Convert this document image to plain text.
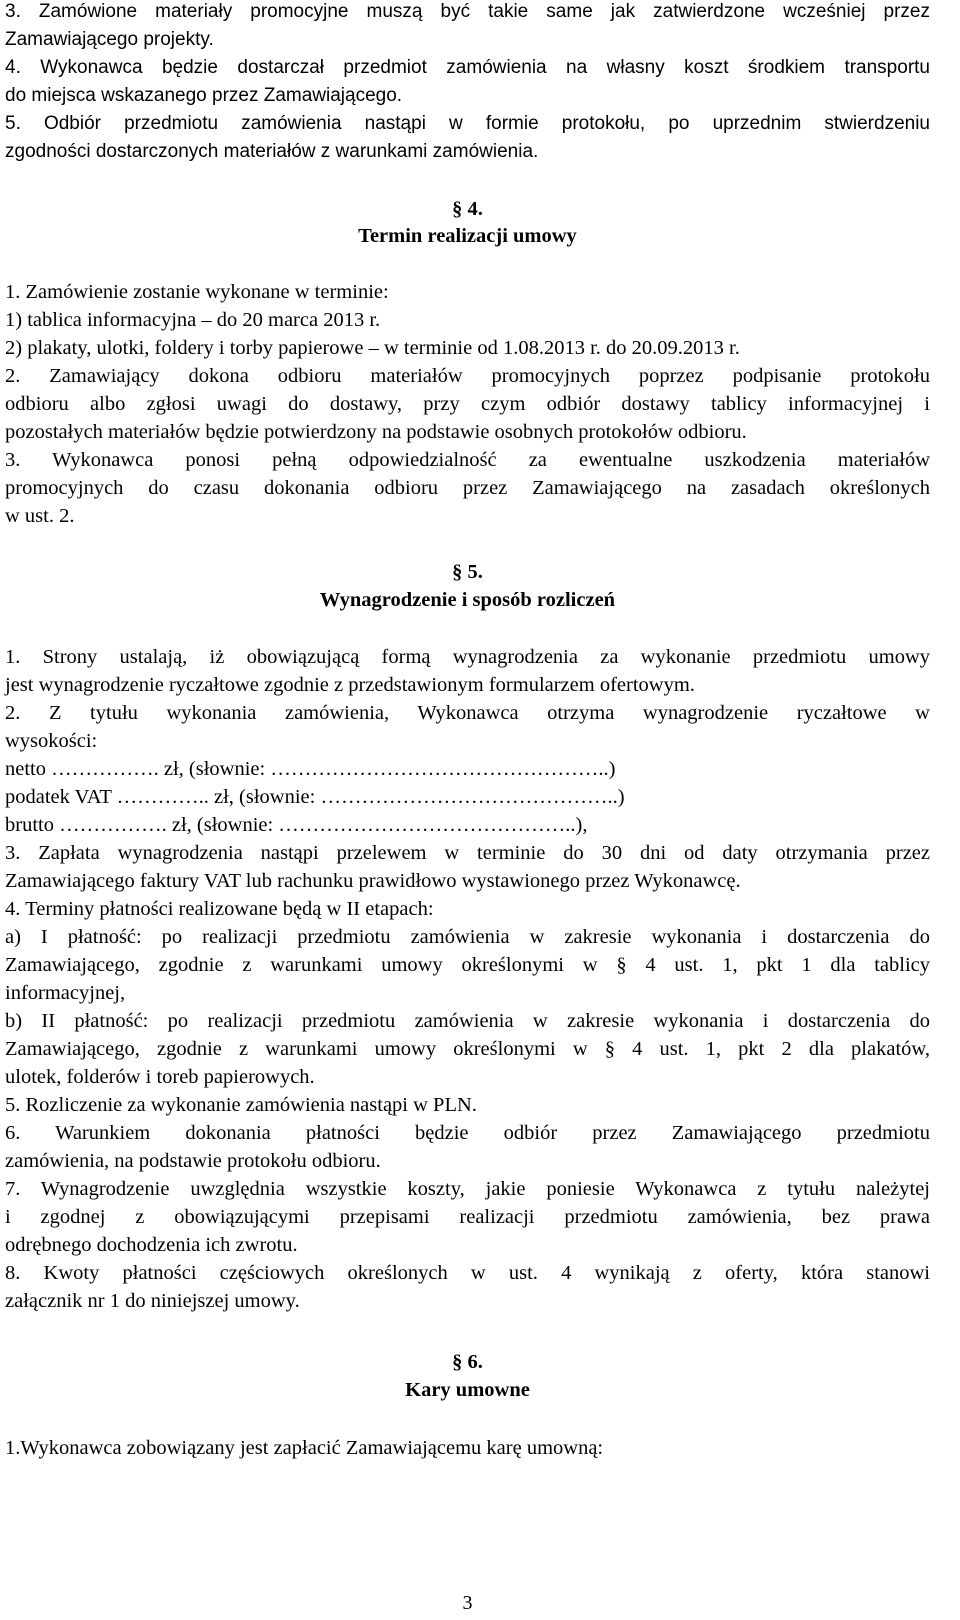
3. Zamówione materiały promocyjne muszą być takie same jak zatwierdzone wcześniej przez
Zamawiającego projekty.
4. Wykonawca będzie dostarczał przedmiot zamówienia na własny koszt środkiem transportu
do miejsca wskazanego przez Zamawiającego.
5. Odbiór przedmiotu zamówienia nastąpi w formie protokołu, po uprzednim stwierdzeniu
zgodności dostarczonych materiałów z warunkami zamówienia.
§ 4.
Termin realizacji umowy
1. Zamówienie zostanie wykonane w terminie:
1) tablica informacyjna – do 20 marca 2013 r.
2) plakaty, ulotki, foldery i torby papierowe – w terminie od 1.08.2013 r. do 20.09.2013 r.
2. Zamawiający dokona odbioru materiałów promocyjnych poprzez podpisanie protokołu
odbioru albo zgłosi uwagi do dostawy, przy czym odbiór dostawy tablicy informacyjnej i
pozostałych materiałów będzie potwierdzony na podstawie osobnych protokołów odbioru.
3. Wykonawca ponosi pełną odpowiedzialność za ewentualne uszkodzenia materiałów
promocyjnych do czasu dokonania odbioru przez Zamawiającego na zasadach określonych
w ust. 2.
§ 5.
Wynagrodzenie i sposób rozliczeń
1. Strony ustalają, iż obowiązującą formą wynagrodzenia za wykonanie przedmiotu umowy
jest wynagrodzenie ryczałtowe zgodnie z przedstawionym formularzem ofertowym.
2. Z tytułu wykonania zamówienia, Wykonawca otrzyma wynagrodzenie ryczałtowe w
wysokości:
netto ……………. zł, (słownie: …………………………………………..)
podatek VAT ………….. zł, (słownie: ……………………………………..)
brutto ……………. zł, (słownie: ……………………………………..),
3. Zapłata wynagrodzenia nastąpi przelewem w terminie do 30 dni od daty otrzymania przez
Zamawiającego faktury VAT lub rachunku prawidłowo wystawionego przez Wykonawcę.
4. Terminy płatności realizowane będą w II etapach:
a) I płatność: po realizacji przedmiotu zamówienia w zakresie wykonania i dostarczenia do
Zamawiającego, zgodnie z warunkami umowy określonymi w § 4 ust. 1, pkt 1 dla tablicy
informacyjnej,
b) II płatność: po realizacji przedmiotu zamówienia w zakresie wykonania i dostarczenia do
Zamawiającego, zgodnie z warunkami umowy określonymi w § 4 ust. 1, pkt 2 dla plakatów,
ulotek, folderów i toreb papierowych.
5. Rozliczenie za wykonanie zamówienia nastąpi w PLN.
6. Warunkiem dokonania płatności będzie odbiór przez Zamawiającego przedmiotu
zamówienia, na podstawie protokołu odbioru.
7. Wynagrodzenie uwzględnia wszystkie koszty, jakie poniesie Wykonawca z tytułu należytej
i zgodnej z obowiązującymi przepisami realizacji przedmiotu zamówienia, bez prawa
odrębnego dochodzenia ich zwrotu.
8. Kwoty płatności częściowych określonych w ust. 4 wynikają z oferty, która stanowi
załącznik nr 1 do niniejszej umowy.
§ 6.
Kary umowne
1.Wykonawca zobowiązany jest zapłacić Zamawiającemu karę umowną:
3
